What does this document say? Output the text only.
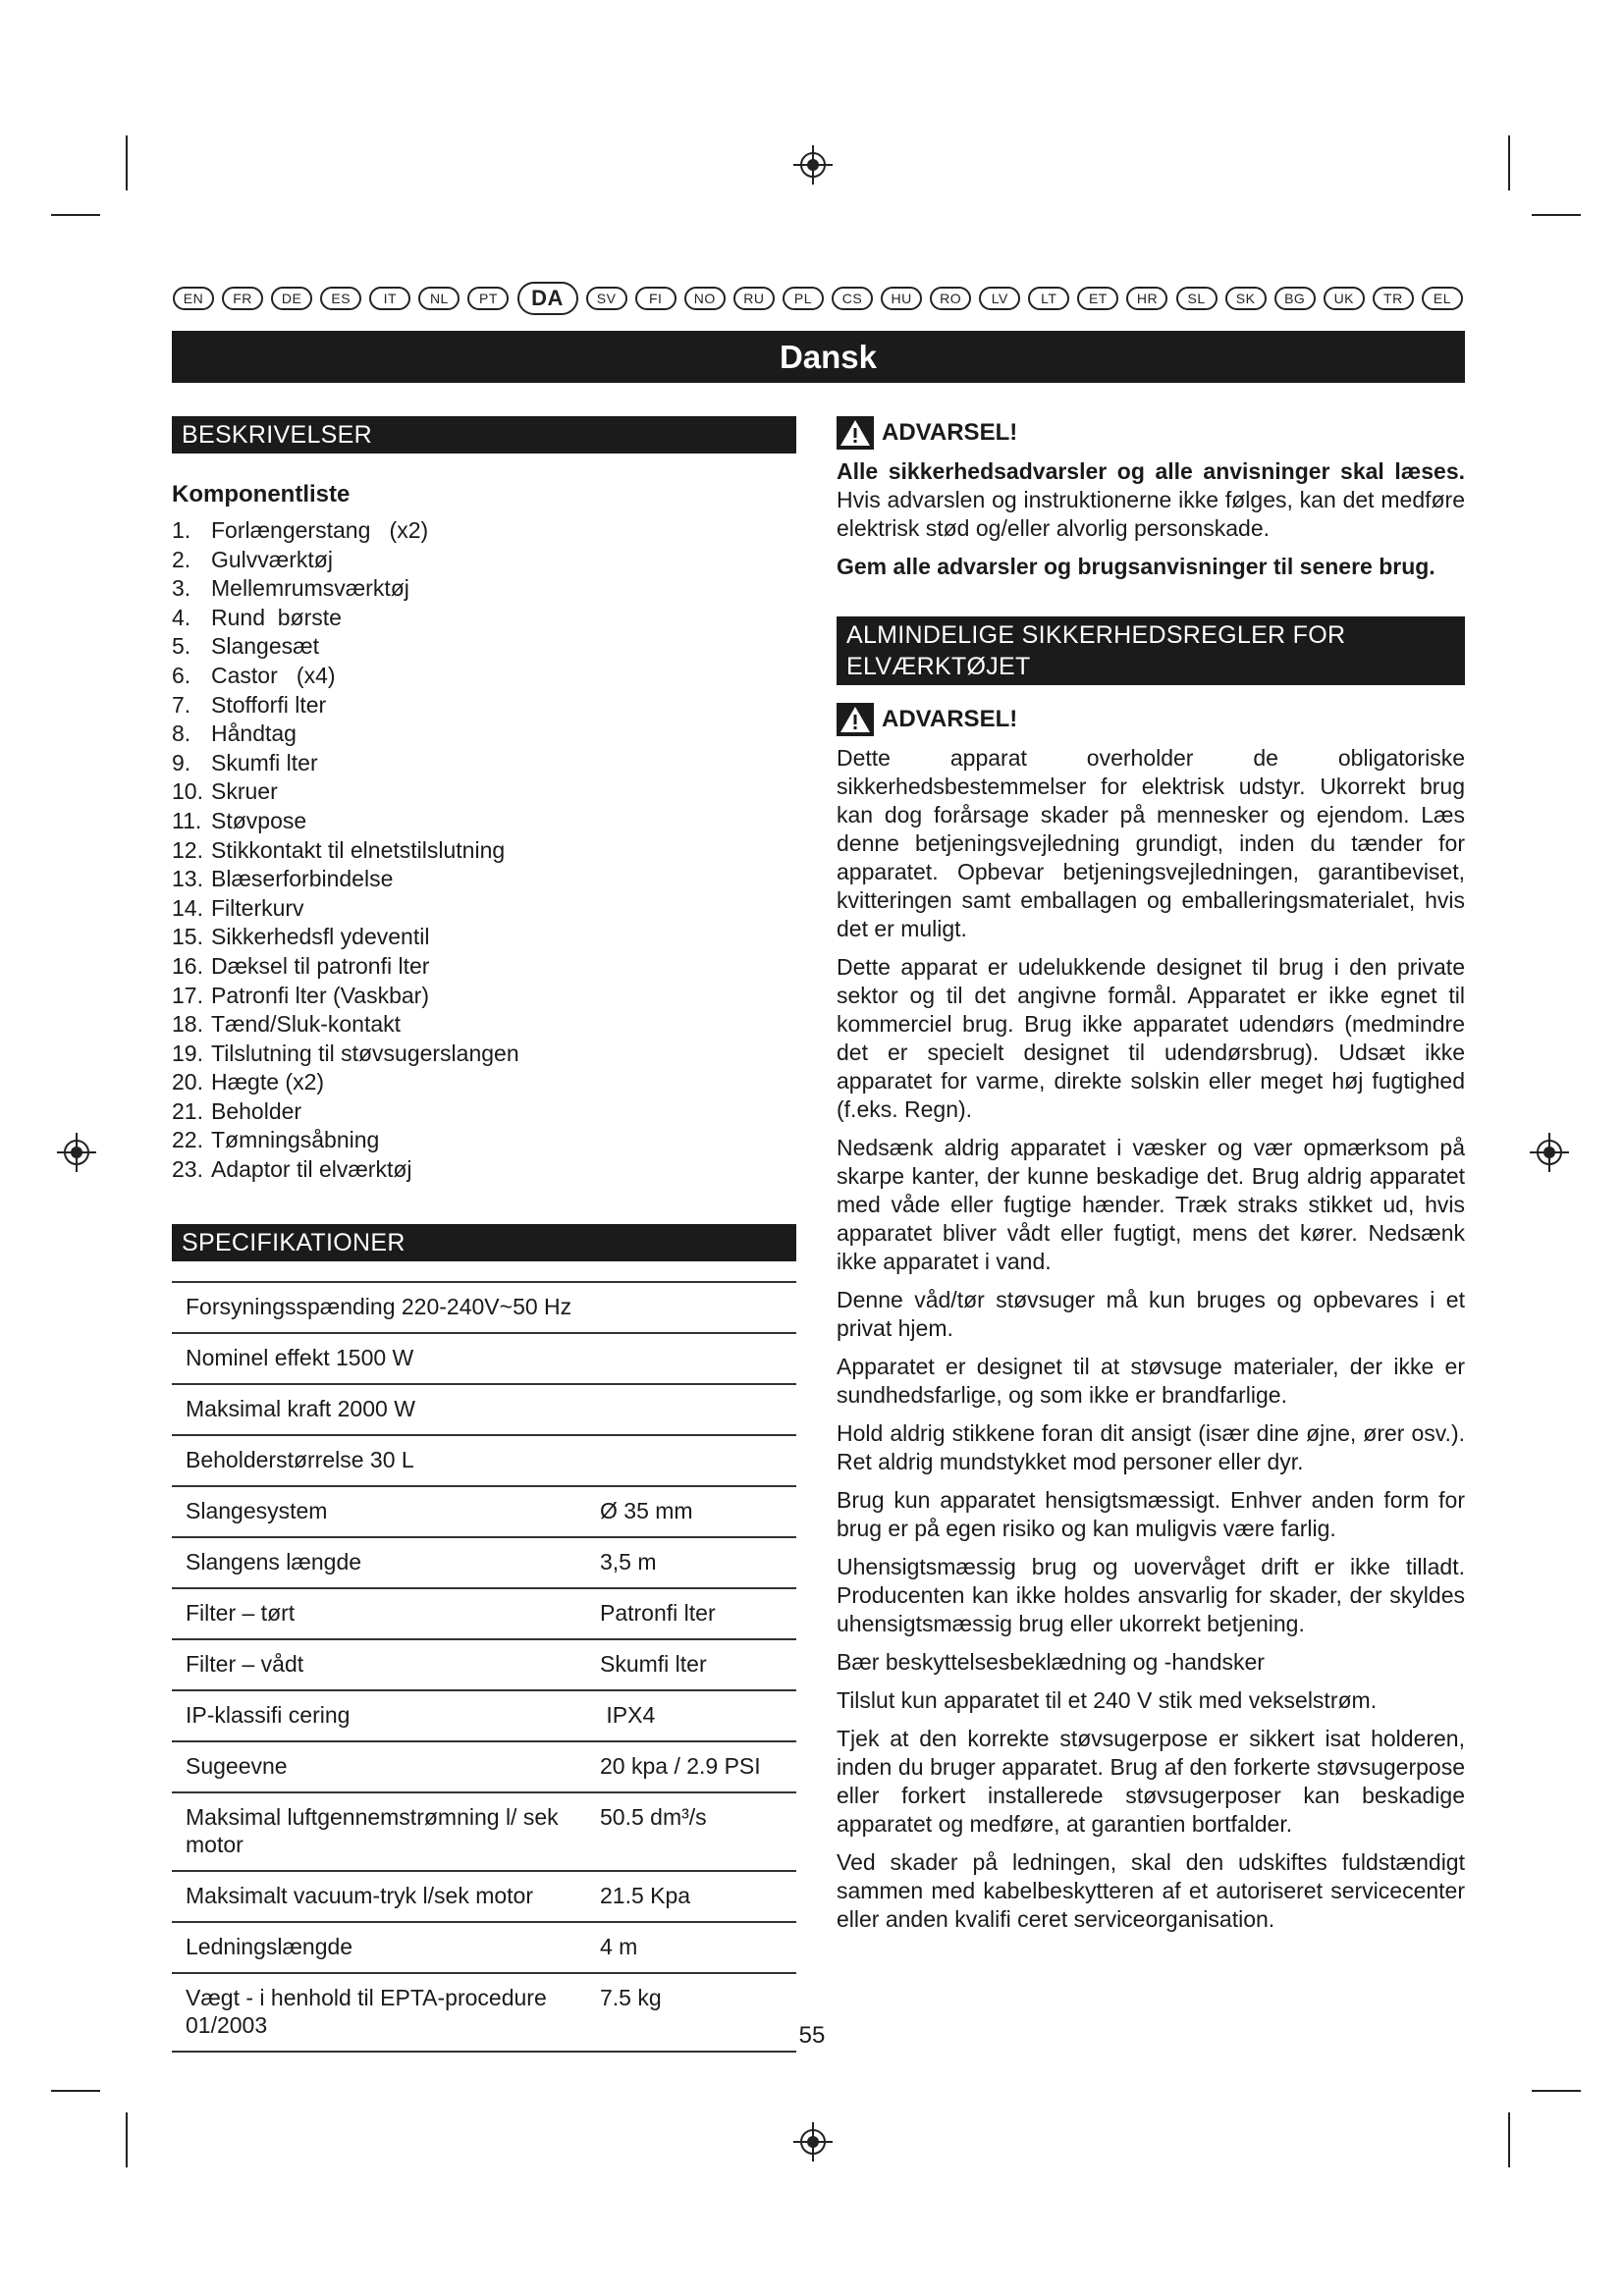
EN	FR	DE	ES	IT	NL	PT	DA	SV	FI	NO	RU	PL	CS	HU	RO	LV	LT	ET	HR	SL	SK	BG	UK	TR	EL
Dansk
BESKRIVELSER
Komponentliste
1. Forlængerstang   (x2)
2. Gulvværktøj
3. Mellemrumsværktøj
4. Rund  børste
5. Slangesæt
6. Castor   (x4)
7. Stofforfi lter
8. Håndtag
9. Skumfi lter
10. Skruer
11. Støvpose
12. Stikkontakt til elnetstilslutning
13. Blæserforbindelse
14. Filterkurv
15. Sikkerhedsfl ydeventil
16. Dæksel til patronfi lter
17. Patronfi lter (Vaskbar)
18. Tænd/Sluk-kontakt
19. Tilslutning til støvsugerslangen
20. Hægte (x2)
21. Beholder
22. Tømningsåbning
23. Adaptor til elværktøj
SPECIFIKATIONER
Forsyningsspænding 220-240V~50 Hz	
Nominel effekt 1500 W	
Maksimal kraft 2000 W	
Beholderstørrelse 30 L	
Slangesystem	Ø 35 mm
Slangens længde	3,5 m
Filter – tørt	Patronfi lter
Filter – vådt	Skumfi lter
IP-klassifi cering	IPX4
Sugeevne	20 kpa / 2.9 PSI
Maksimal luftgennemstrømning l/ sek motor	50.5 dm³/s
Maksimalt vacuum-tryk l/sek motor	21.5 Kpa
Ledningslængde	4 m
Vægt - i henhold til EPTA-procedure 01/2003	7.5 kg
ADVARSEL!

Alle sikkerhedsadvarsler og alle anvisninger skal læses. Hvis advarslen og instruktionerne ikke følges, kan det medføre elektrisk stød og/eller alvorlig personskade.

Gem alle advarsler og brugsanvisninger til senere brug.

ALMINDELIGE SIKKERHEDSREGLER FOR ELVÆRKTØJET
ADVARSEL!

Dette apparat overholder de obligatoriske sikkerhedsbestemmelser for elektrisk udstyr. Ukorrekt brug kan dog forårsage skader på mennesker og ejendom. Læs denne betjeningsvejledning grundigt, inden du tænder for apparatet. Opbevar betjeningsvejledningen, garantibeviset, kvitteringen samt emballagen og emballeringsmaterialet, hvis det er muligt.

Dette apparat er udelukkende designet til brug i den private sektor og til det angivne formål. Apparatet er ikke egnet til kommerciel brug. Brug ikke apparatet udendørs (medmindre det er specielt designet til udendørsbrug). Udsæt ikke apparatet for varme, direkte solskin eller meget høj fugtighed (f.eks. Regn).

Nedsænk aldrig apparatet i væsker og vær opmærksom på skarpe kanter, der kunne beskadige det. Brug aldrig apparatet med våde eller fugtige hænder. Træk straks stikket ud, hvis apparatet bliver vådt eller fugtigt, mens det kører. Nedsænk ikke apparatet i vand.

Denne våd/tør støvsuger må kun bruges og opbevares i et privat hjem.

Apparatet er designet til at støvsuge materialer, der ikke er sundhedsfarlige, og som ikke er brandfarlige.

Hold aldrig stikkene foran dit ansigt (især dine øjne, ører osv.). Ret aldrig mundstykket mod personer eller dyr.

Brug kun apparatet hensigtsmæssigt. Enhver anden form for brug er på egen risiko og kan muligvis være farlig.

Uhensigtsmæssig brug og uovervåget drift er ikke tilladt. Producenten kan ikke holdes ansvarlig for skader, der skyldes uhensigtsmæssig brug eller ukorrekt betjening.

Bær beskyttelsesbeklædning og -handsker

Tilslut kun apparatet til et 240 V stik med vekselstrøm.

Tjek at den korrekte støvsugerpose er sikkert isat holderen, inden du bruger apparatet. Brug af den forkerte støvsugerpose eller forkert installerede støvsugerposer kan beskadige apparatet og medføre, at garantien bortfalder.

Ved skader på ledningen, skal den udskiftes fuldstændigt sammen med kabelbeskytteren af et autoriseret servicecenter eller anden kvalifi ceret serviceorganisation.

55
